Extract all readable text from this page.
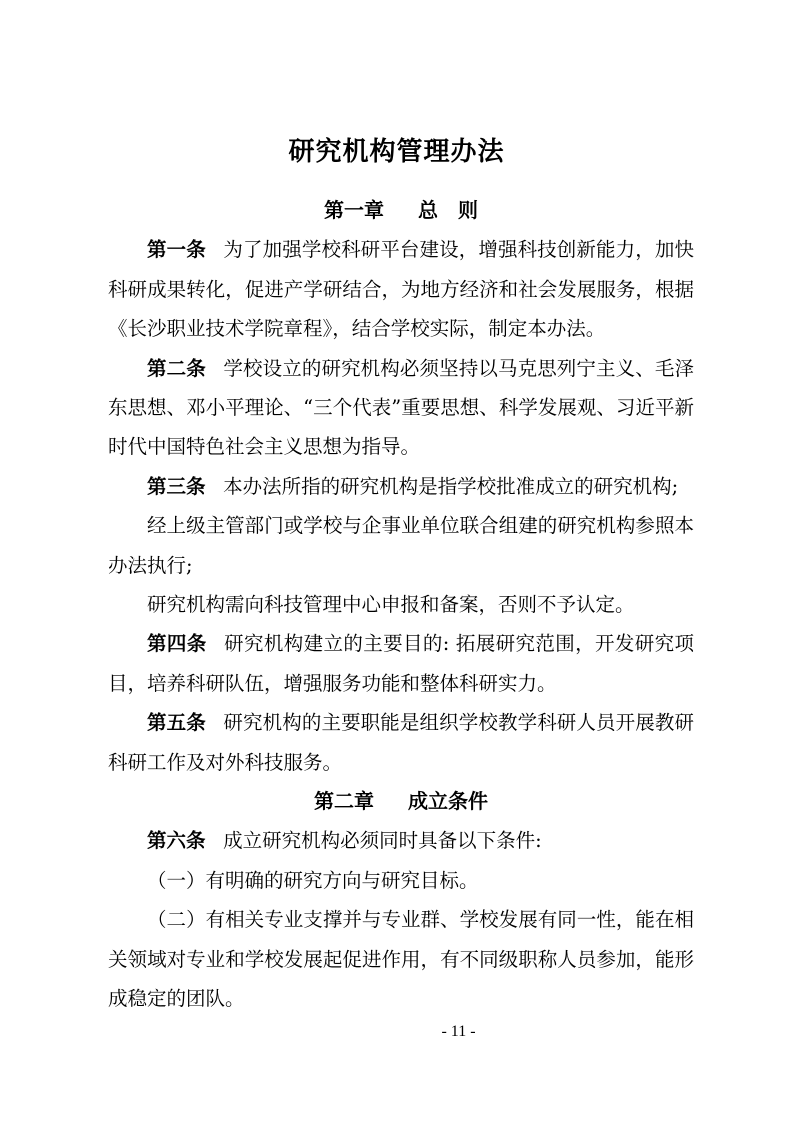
研究机构管理办法
第一章 总　则

第一条 为了加强学校科研平台建设，增强科技创新能力，加快科研成果转化，促进产学研结合，为地方经济和社会发展服务，根据《长沙职业技术学院章程》，结合学校实际，制定本办法。

第二条 学校设立的研究机构必须坚持以马克思列宁主义、毛泽东思想、邓小平理论、“三个代表”重要思想、科学发展观、习近平新时代中国特色社会主义思想为指导。

第三条 本办法所指的研究机构是指学校批准成立的研究机构;

经上级主管部门或学校与企事业单位联合组建的研究机构参照本办法执行;

研究机构需向科技管理中心申报和备案，否则不予认定。

第四条 研究机构建立的主要目的: 拓展研究范围，开发研究项目，培养科研队伍，增强服务功能和整体科研实力。

第五条 研究机构的主要职能是组织学校教学科研人员开展教研科研工作及对外科技服务。

第二章 成立条件

第六条 成立研究机构必须同时具备以下条件:

（一）有明确的研究方向与研究目标。

（二）有相关专业支撑并与专业群、学校发展有同一性，能在相关领域对专业和学校发展起促进作用，有不同级职称人员参加，能形成稳定的团队。

- 11 -
